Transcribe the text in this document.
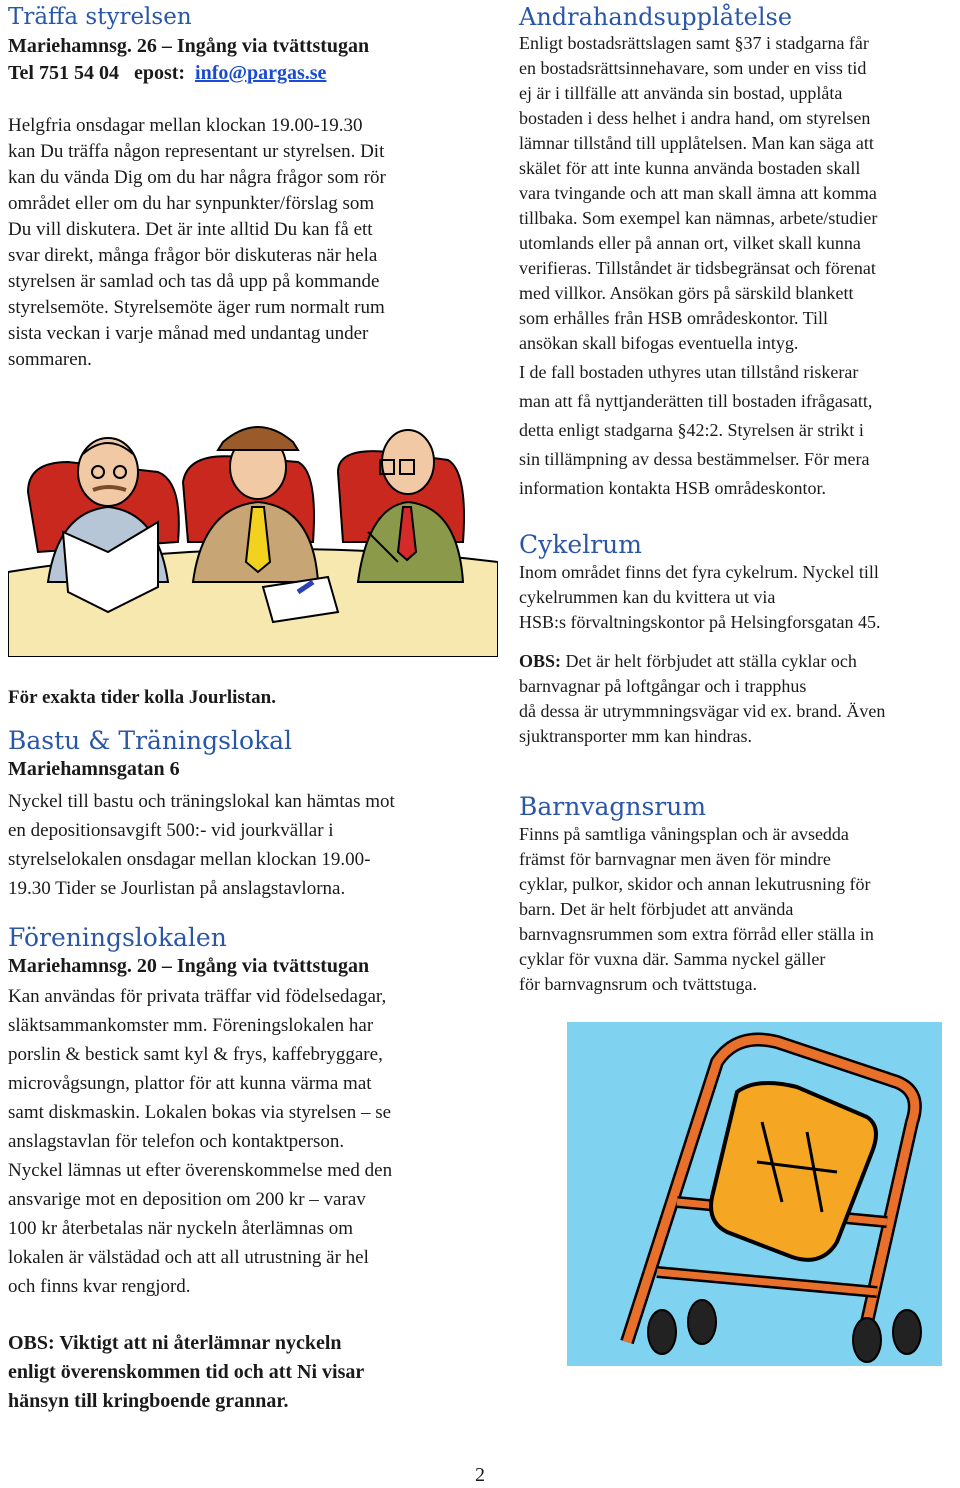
Träffa styrelsen

Mariehamnsg. 26 – Ingång via tvättstugan

Tel 751 54 04   epost:  info@pargas.se

Helgfria onsdagar mellan klockan 19.00-19.30

kan Du träffa någon representant ur styrelsen. Dit

kan du vända Dig om du har några frågor som rör

området eller om du har synpunkter/förslag som

Du vill diskutera. Det är inte alltid Du kan få ett

svar direkt, många frågor bör diskuteras när hela

styrelsen är samlad och tas då upp på kommande

styrelsemöte. Styrelsemöte äger rum normalt rum

sista veckan i varje månad med undantag under

sommaren.

För exakta tider kolla Jourlistan.

Bastu & Träningslokal

Mariehamnsgatan 6

Nyckel till bastu och träningslokal kan hämtas mot

en depositionsavgift 500:- vid jourkvällar i

styrelselokalen onsdagar mellan klockan 19.00-

19.30 Tider se Jourlistan på anslagstavlorna.

Föreningslokalen

Mariehamnsg. 20 – Ingång via tvättstugan

Kan användas för privata träffar vid födelsedagar,

släktsammankomster mm. Föreningslokalen har

porslin & bestick samt kyl & frys, kaffebryggare,

microvågsungn, plattor för att kunna värma mat

samt diskmaskin. Lokalen bokas via styrelsen – se

anslagstavlan för telefon och kontaktperson.

Nyckel lämnas ut efter överenskommelse med den

ansvarige mot en deposition om 200 kr – varav

100 kr återbetalas när nyckeln återlämnas om

lokalen är välstädad och att all utrustning är hel

och finns kvar rengjord.

OBS: Viktigt att ni återlämnar nyckeln

enligt överenskommen tid och att Ni visar

hänsyn till kringboende grannar.

Andrahandsupplåtelse

Enligt bostadsrättslagen samt §37 i stadgarna får

en bostadsrättsinnehavare, som under en viss tid

ej är i tillfälle att använda sin bostad, upplåta

bostaden i dess helhet i andra hand, om styrelsen

lämnar tillstånd till upplåtelsen. Man kan säga att

skälet för att inte kunna använda bostaden skall

vara tvingande och att man skall ämna att komma

tillbaka. Som exempel kan nämnas, arbete/studier

utomlands eller på annan ort, vilket skall kunna

verifieras. Tillståndet är tidsbegränsat och förenat

med villkor. Ansökan görs på särskild blankett

som erhålles från HSB områdeskontor. Till

ansökan skall bifogas eventuella intyg.

I de fall bostaden uthyres utan tillstånd riskerar

man att få nyttjanderätten till bostaden ifrågasatt,

detta enligt stadgarna §42:2. Styrelsen är strikt i

sin tillämpning av dessa bestämmelser. För mera

information kontakta HSB områdeskontor.

Cykelrum

Inom området finns det fyra cykelrum. Nyckel till

cykelrummen kan du kvittera ut via

HSB:s förvaltningskontor på Helsingforsgatan 45.

OBS: Det är helt förbjudet att ställa cyklar och

barnvagnar på loftgångar och i trapphus

då dessa är utrymmningsvägar vid ex. brand. Även

sjuktransporter mm kan hindras.

Barnvagnsrum

Finns på samtliga våningsplan och är avsedda

främst för barnvagnar men även för mindre

cyklar, pulkor, skidor och annan lekutrusning för

barn. Det är helt förbjudet att använda

barnvagnsrummen som extra förråd eller ställa in

cyklar för vuxna där. Samma nyckel gäller

för barnvagnsrum och tvättstuga.

2
